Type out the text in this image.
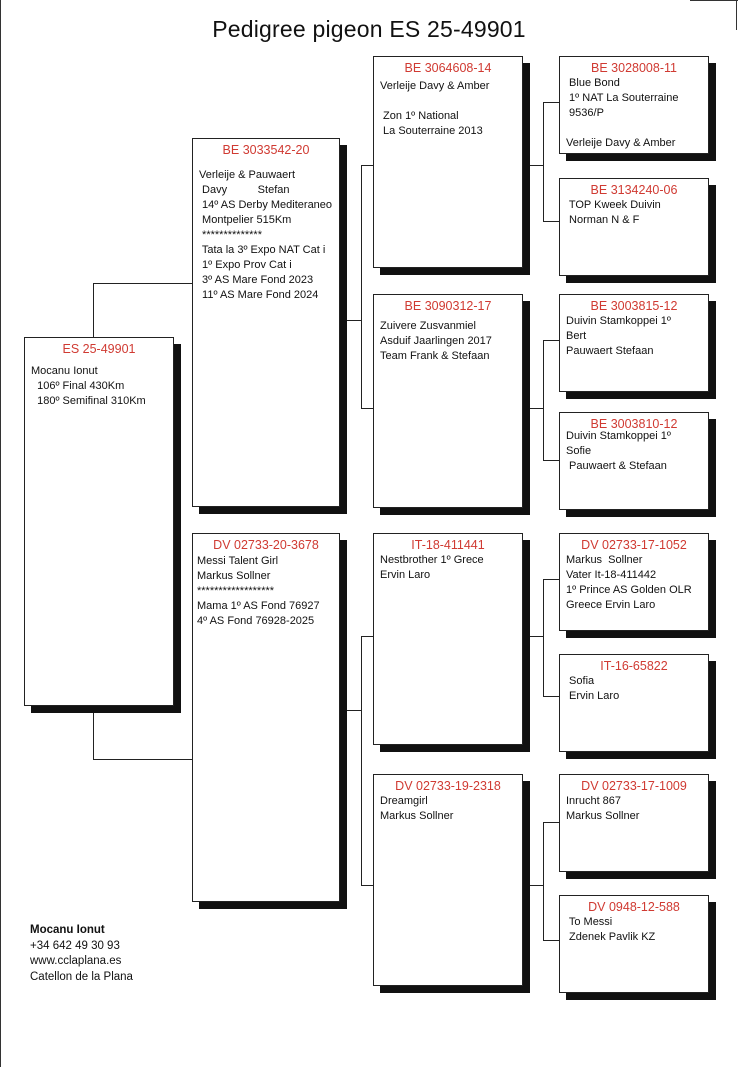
Pedigree pigeon ES 25-49901
ES 25-49901
Mocanu Ionut
106º Final 430Km
180º Semifinal 310Km
BE 3033542-20
Verleije & Pauwaert
Davy          Stefan
14º AS Derby Mediteraneo
Montpelier 515Km
**************
Tata la 3º Expo NAT Cat i
1º Expo Prov Cat i
3º AS Mare Fond 2023
11º AS Mare Fond 2024
DV 02733-20-3678
Messi Talent Girl
Markus Sollner
******************
Mama 1º AS Fond 76927
4º AS Fond 76928-2025
BE 3064608-14
Verleije Davy & Amber

Zon 1º National
La Souterraine 2013
BE 3090312-17
Zuivere Zusvanmiel
Asduif Jaarlingen 2017
Team Frank & Stefaan
IT-18-411441
Nestbrother 1º Grece
Ervin Laro
DV 02733-19-2318
Dreamgirl
Markus Sollner
BE 3028008-11
Blue Bond
1º NAT La Souterraine
9536/P

Verleije Davy & Amber
BE 3134240-06
TOP Kweek Duivin
Norman N & F
BE 3003815-12
Duivin Stamkoppei 1º
Bert
Pauwaert Stefaan
BE 3003810-12
Duivin Stamkoppei 1º
Sofie
Pauwaert & Stefaan
DV 02733-17-1052
Markus  Sollner
Vater It-18-411442
1º Prince AS Golden OLR
Greece Ervin Laro
IT-16-65822
Sofia
Ervin Laro
DV 02733-17-1009
Inrucht 867
Markus Sollner
DV 0948-12-588
To Messi
Zdenek Pavlik KZ
Mocanu Ionut
+34 642 49 30 93
www.cclaplana.es
Catellon de la Plana
